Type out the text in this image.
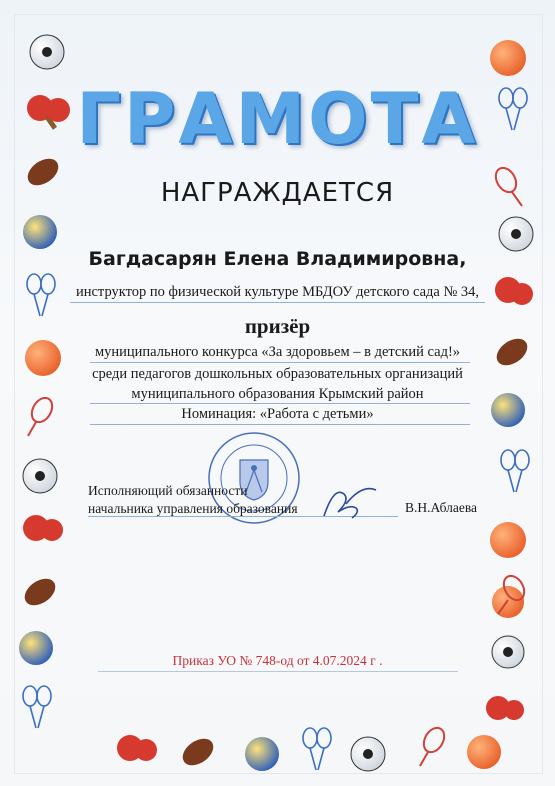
ГРАМОТА
НАГРАЖДАЕТСЯ
Багдасарян Елена Владимировна,
инструктор по физической культуре МБДОУ детского сада № 34,
призёр
муниципального конкурса «За здоровьем – в детский сад!»
среди педагогов дошкольных образовательных организаций
муниципального образования Крымский район
Номинация: «Работа с детьми»
Исполняющий обязанности
начальника управления образования	В.Н.Аблаева
Приказ УО № 748-од от 4.07.2024 г .
